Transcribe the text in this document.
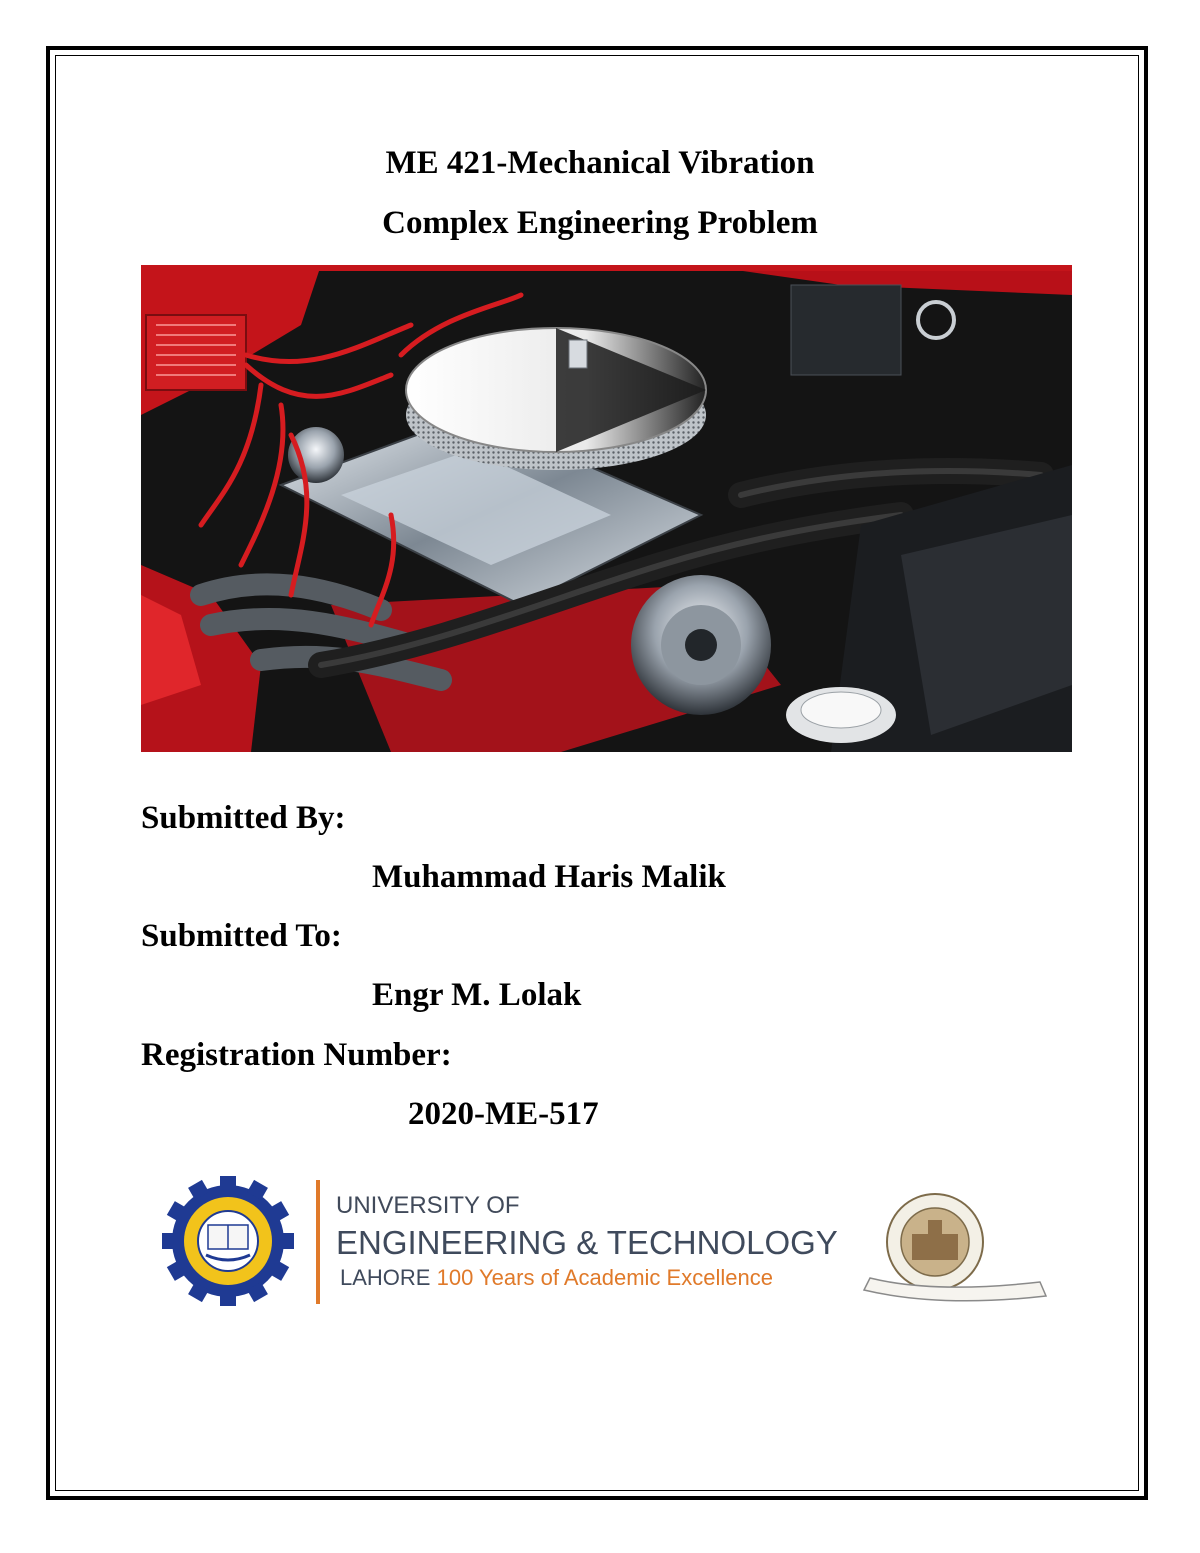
ME 421-Mechanical Vibration
Complex Engineering Problem
Submitted By:
Muhammad Haris Malik
Submitted To:
Engr M. Lolak
Registration Number:
2020-ME-517
UNIVERSITY OF
ENGINEERING & TECHNOLOGY
LAHORE 100 Years of Academic Excellence
